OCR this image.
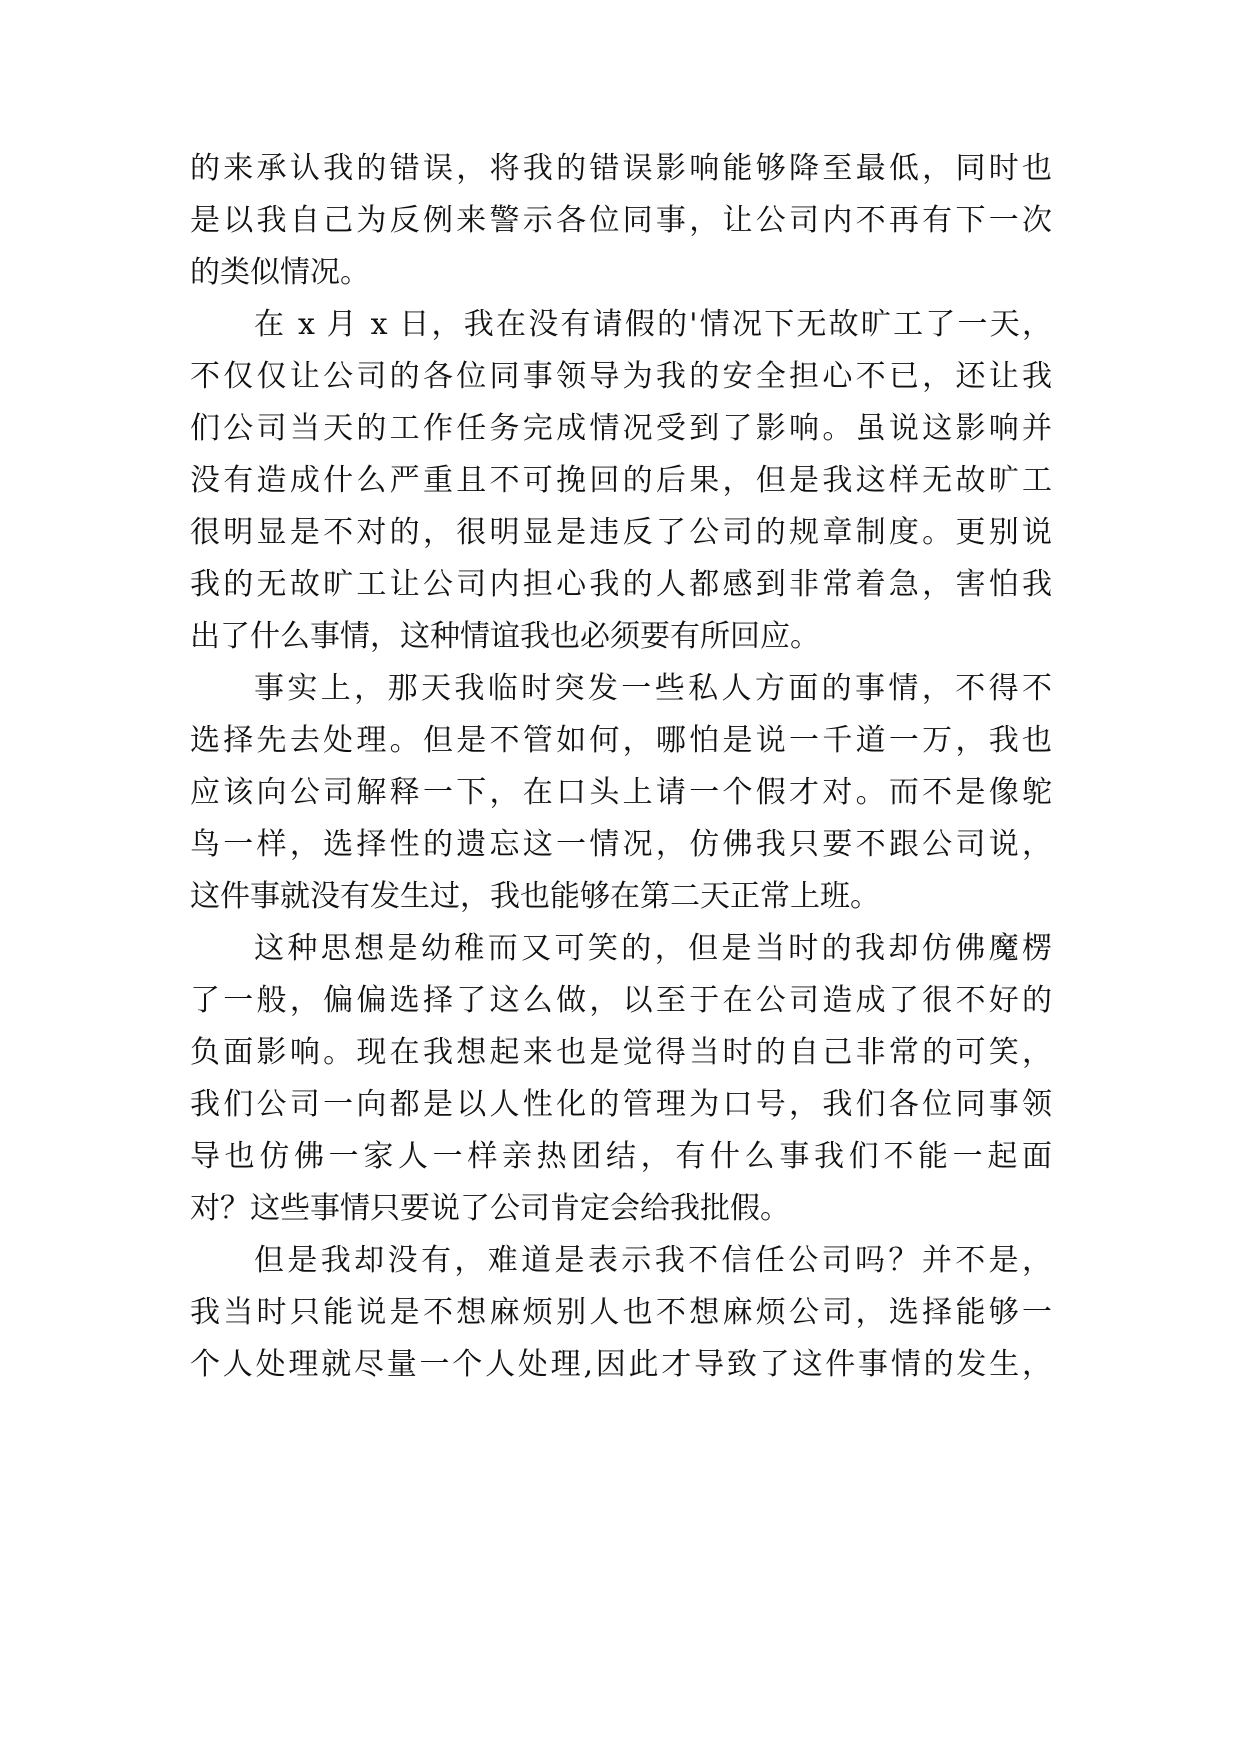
的来承认我的错误，将我的错误影响能够降至最低，同时也
是以我自己为反例来警示各位同事，让公司内不再有下一次
的类似情况。
在 x 月 x 日，我在没有请假的'情况下无故旷工了一天，
不仅仅让公司的各位同事领导为我的安全担心不已，还让我
们公司当天的工作任务完成情况受到了影响。虽说这影响并
没有造成什么严重且不可挽回的后果，但是我这样无故旷工
很明显是不对的，很明显是违反了公司的规章制度。更别说
我的无故旷工让公司内担心我的人都感到非常着急，害怕我
出了什么事情，这种情谊我也必须要有所回应。
事实上，那天我临时突发一些私人方面的事情，不得不
选择先去处理。但是不管如何，哪怕是说一千道一万，我也
应该向公司解释一下，在口头上请一个假才对。而不是像鸵
鸟一样，选择性的遗忘这一情况，仿佛我只要不跟公司说，
这件事就没有发生过，我也能够在第二天正常上班。
这种思想是幼稚而又可笑的，但是当时的我却仿佛魔楞
了一般，偏偏选择了这么做，以至于在公司造成了很不好的
负面影响。现在我想起来也是觉得当时的自己非常的可笑，
我们公司一向都是以人性化的管理为口号，我们各位同事领
导也仿佛一家人一样亲热团结，有什么事我们不能一起面
对？这些事情只要说了公司肯定会给我批假。
但是我却没有，难道是表示我不信任公司吗？并不是，
我当时只能说是不想麻烦别人也不想麻烦公司，选择能够一
个人处理就尽量一个人处理,因此才导致了这件事情的发生，
